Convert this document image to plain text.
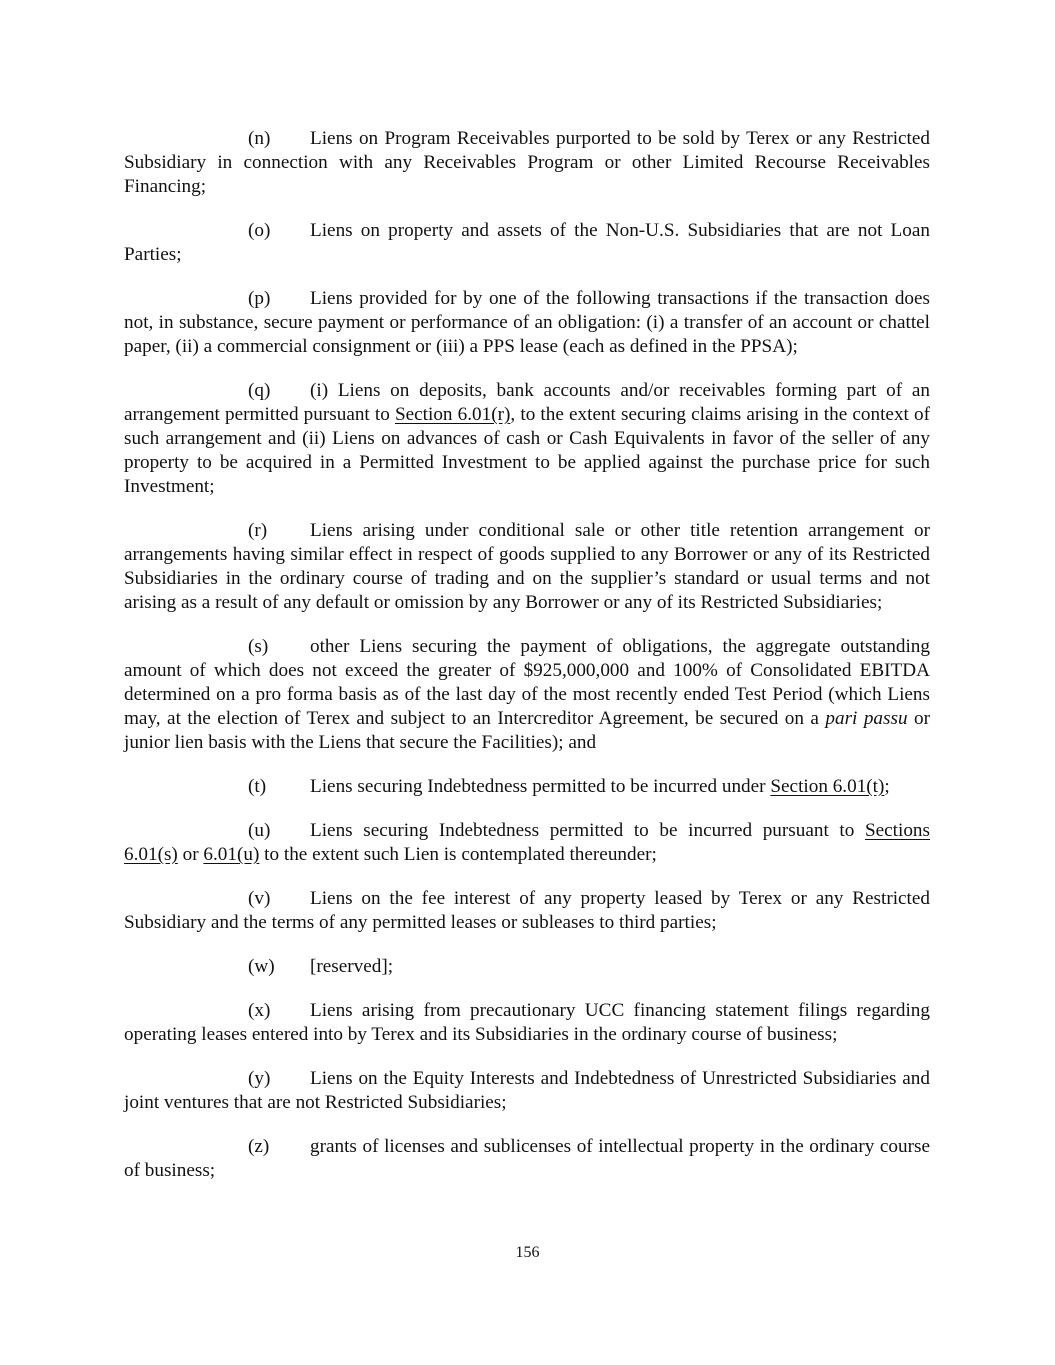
(n) Liens on Program Receivables purported to be sold by Terex or any Restricted Subsidiary in connection with any Receivables Program or other Limited Recourse Receivables Financing;

(o) Liens on property and assets of the Non-U.S. Subsidiaries that are not Loan Parties;

(p) Liens provided for by one of the following transactions if the transaction does not, in substance, secure payment or performance of an obligation: (i) a transfer of an account or chattel paper, (ii) a commercial consignment or (iii) a PPS lease (each as defined in the PPSA);

(q) (i) Liens on deposits, bank accounts and/or receivables forming part of an arrangement permitted pursuant to Section 6.01(r), to the extent securing claims arising in the context of such arrangement and (ii) Liens on advances of cash or Cash Equivalents in favor of the seller of any property to be acquired in a Permitted Investment to be applied against the purchase price for such Investment;

(r) Liens arising under conditional sale or other title retention arrangement or arrangements having similar effect in respect of goods supplied to any Borrower or any of its Restricted Subsidiaries in the ordinary course of trading and on the supplier’s standard or usual terms and not arising as a result of any default or omission by any Borrower or any of its Restricted Subsidiaries;

(s) other Liens securing the payment of obligations, the aggregate outstanding amount of which does not exceed the greater of $925,000,000 and 100% of Consolidated EBITDA determined on a pro forma basis as of the last day of the most recently ended Test Period (which Liens may, at the election of Terex and subject to an Intercreditor Agreement, be secured on a pari passu or junior lien basis with the Liens that secure the Facilities); and

(t) Liens securing Indebtedness permitted to be incurred under Section 6.01(t);

(u) Liens securing Indebtedness permitted to be incurred pursuant to Sections 6.01(s) or 6.01(u) to the extent such Lien is contemplated thereunder;

(v) Liens on the fee interest of any property leased by Terex or any Restricted Subsidiary and the terms of any permitted leases or subleases to third parties;

(w) [reserved];

(x) Liens arising from precautionary UCC financing statement filings regarding operating leases entered into by Terex and its Subsidiaries in the ordinary course of business;

(y) Liens on the Equity Interests and Indebtedness of Unrestricted Subsidiaries and joint ventures that are not Restricted Subsidiaries;

(z) grants of licenses and sublicenses of intellectual property in the ordinary course of business;

156
